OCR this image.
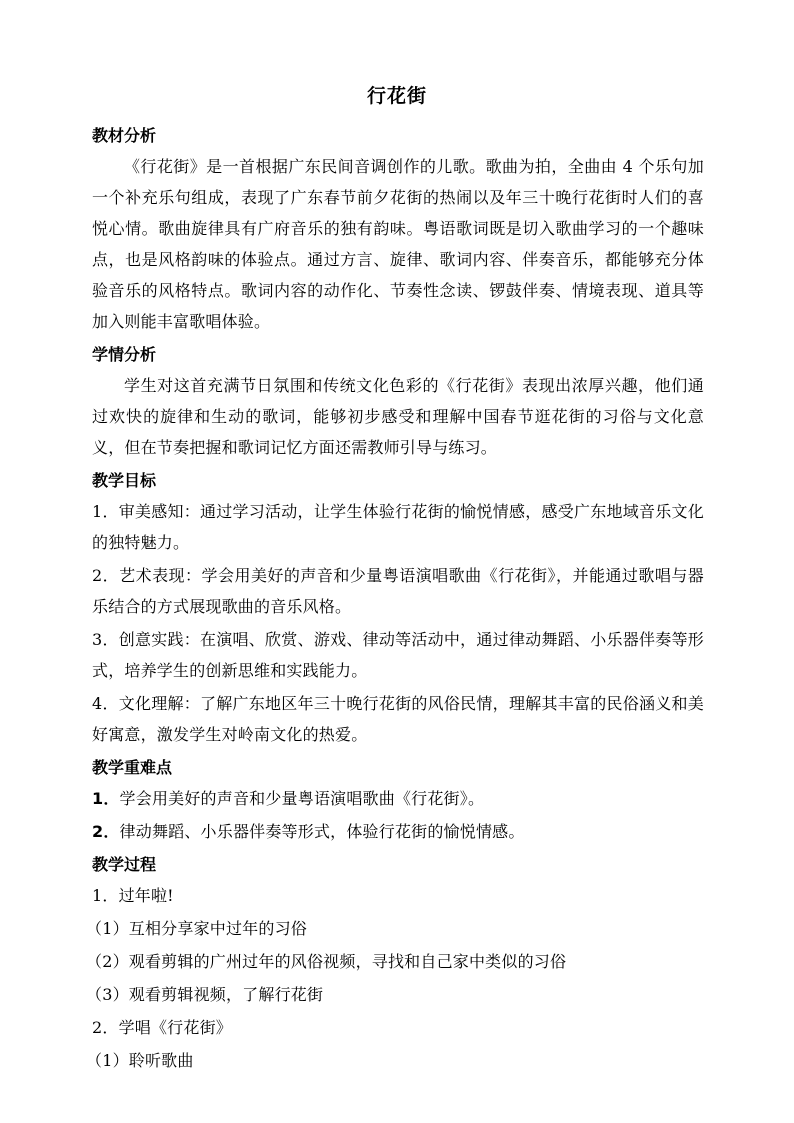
行花街
教材分析

《行花街》是一首根据广东民间音调创作的儿歌。歌曲为拍，全曲由 4 个乐句加一个补充乐句组成，表现了广东春节前夕花街的热闹以及年三十晚行花街时人们的喜悦心情。歌曲旋律具有广府音乐的独有韵味。粤语歌词既是切入歌曲学习的一个趣味点，也是风格韵味的体验点。通过方言、旋律、歌词内容、伴奏音乐，都能够充分体验音乐的风格特点。歌词内容的动作化、节奏性念读、锣鼓伴奏、情境表现、道具等加入则能丰富歌唱体验。

学情分析

学生对这首充满节日氛围和传统文化色彩的《行花街》表现出浓厚兴趣，他们通过欢快的旋律和生动的歌词，能够初步感受和理解中国春节逛花街的习俗与文化意义，但在节奏把握和歌词记忆方面还需教师引导与练习。

教学目标

1．审美感知：通过学习活动，让学生体验行花街的愉悦情感，感受广东地域音乐文化的独特魅力。

2．艺术表现：学会用美好的声音和少量粤语演唱歌曲《行花街》，并能通过歌唱与器乐结合的方式展现歌曲的音乐风格。

3．创意实践：在演唱、欣赏、游戏、律动等活动中，通过律动舞蹈、小乐器伴奏等形式，培养学生的创新思维和实践能力。

4．文化理解：了解广东地区年三十晚行花街的风俗民情，理解其丰富的民俗涵义和美好寓意，激发学生对岭南文化的热爱。

教学重难点

1．学会用美好的声音和少量粤语演唱歌曲《行花街》。

2．律动舞蹈、小乐器伴奏等形式，体验行花街的愉悦情感。

教学过程

1．过年啦!

（1）互相分享家中过年的习俗

（2）观看剪辑的广州过年的风俗视频，寻找和自己家中类似的习俗

（3）观看剪辑视频，了解行花街

2．学唱《行花街》

（1）聆听歌曲
